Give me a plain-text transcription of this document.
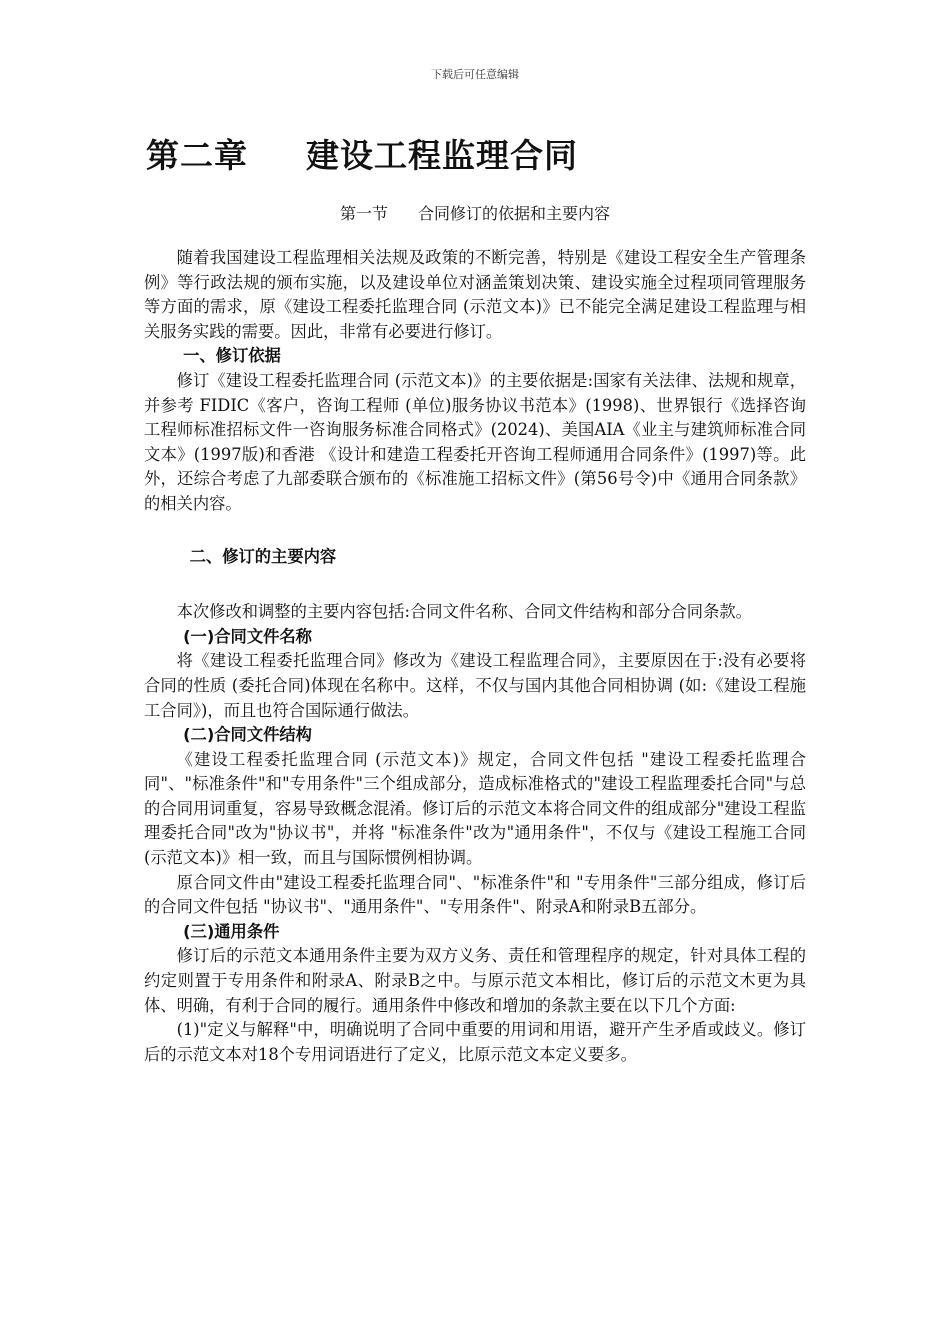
下载后可任意编辑
第二章 建设工程监理合同
第一节 合同修订的依据和主要内容

随着我国建设工程监理相关法规及政策的不断完善，特别是《建设工程安全生产管理条例》等行政法规的颁布实施，以及建设单位对涵盖策划决策、建设实施全过程项同管理服务等方面的需求，原《建设工程委托监理合同 (示范文本)》已不能完全满足建设工程监理与相关服务实践的需要。因此，非常有必要进行修订。

一、修订依据

修订《建设工程委托监理合同 (示范文本)》的主要依据是:国家有关法律、法规和规章，并参考 FIDIC《客户，咨询工程师 (单位)服务协议书范本》(1998)、世界银行《选择咨询工程师标准招标文件一咨询服务标准合同格式》(2024)、美国AIA《业主与建筑师标准合同文本》(1997版)和香港 《设计和建造工程委托开咨询工程师通用合同条件》(1997)等。此外，还综合考虑了九部委联合颁布的《标准施工招标文件》(第56号令)中《通用合同条款》的相关内容。

二、修订的主要内容

本次修改和调整的主要内容包括:合同文件名称、合同文件结构和部分合同条款。

(一)合同文件名称

将《建设工程委托监理合同》修改为《建设工程监理合同》，主要原因在于:没有必要将合同的性质 (委托合同)体现在名称中。这样，不仅与国内其他合同相协调 (如:《建设工程施工合同》)，而且也符合国际通行做法。

(二)合同文件结构

《建设工程委托监理合同 (示范文本)》规定，合同文件包括 "建设工程委托监理合同"、"标准条件"和"专用条件"三个组成部分，造成标准格式的"建设工程监理委托合同"与总的合同用词重复，容易导致概念混淆。修订后的示范文本将合同文件的组成部分"建设工程监理委托合同"改为"协议书"，并将 "标准条件"改为"通用条件"，不仅与《建设工程施工合同 (示范文本)》相一致，而且与国际惯例相协调。

原合同文件由"建设工程委托监理合同"、"标准条件"和 "专用条件"三部分组成，修订后的合同文件包括 "协议书"、"通用条件"、"专用条件"、附录A和附录B五部分。

(三)通用条件

修订后的示范文本通用条件主要为双方义务、责任和管理程序的规定，针对具体工程的约定则置于专用条件和附录A、附录B之中。与原示范文本相比，修订后的示范文木更为具体、明确，有利于合同的履行。通用条件中修改和增加的条款主要在以下几个方面:

(1)"定义与解释"中，明确说明了合同中重要的用词和用语，避开产生矛盾或歧义。修订后的示范文本对18个专用词语进行了定义，比原示范文本定义要多。
